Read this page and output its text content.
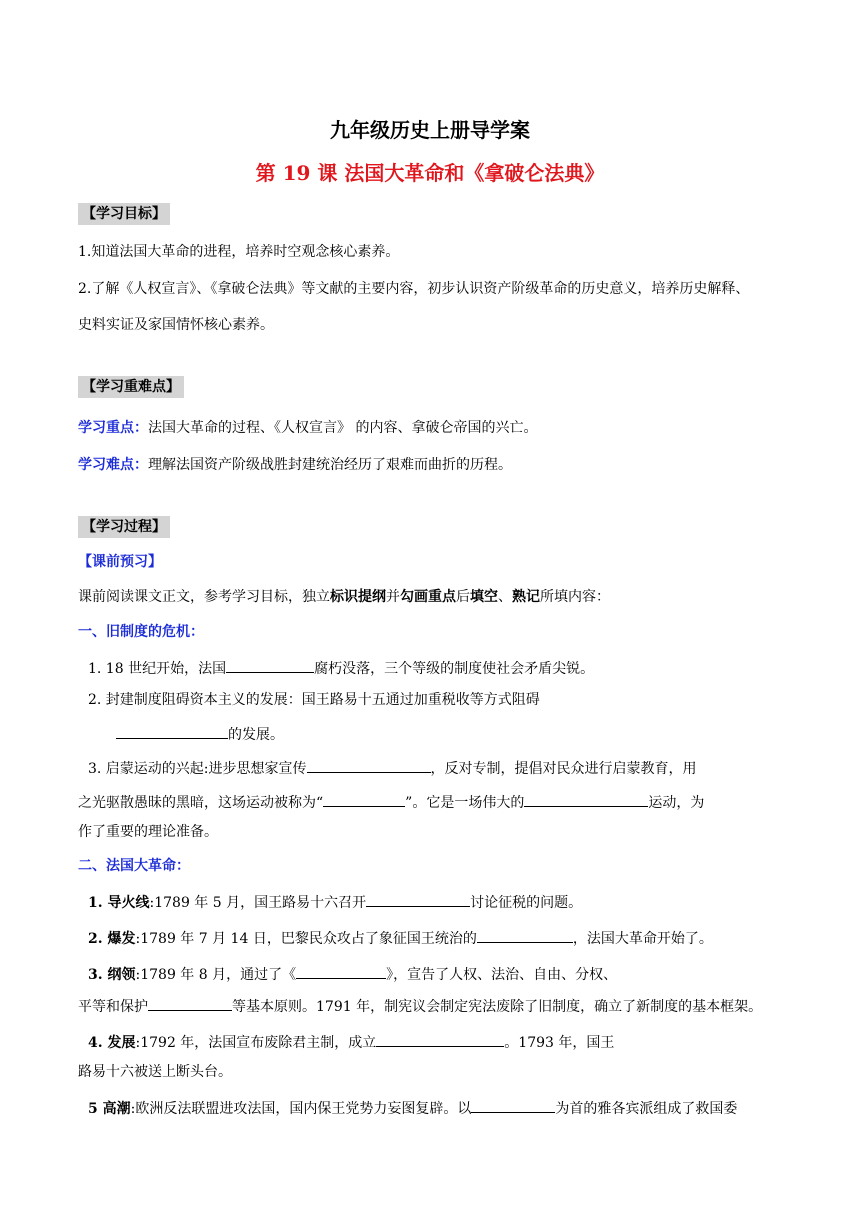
九年级历史上册导学案
第 19 课 法国大革命和《拿破仑法典》
【学习目标】
1.知道法国大革命的进程，培养时空观念核心素养。
2.了解《人权宣言》、《拿破仑法典》等文献的主要内容，初步认识资产阶级革命的历史意义，培养历史解释、
史料实证及家国情怀核心素养。
【学习重难点】
学习重点：法国大革命的过程、《人权宣言》 的内容、拿破仑帝国的兴亡。
学习难点：理解法国资产阶级战胜封建统治经历了艰难而曲折的历程。
【学习过程】
【课前预习】
课前阅读课文正文，参考学习目标，独立标识提纲并勾画重点后填空、熟记所填内容：
一、旧制度的危机：
1. 18 世纪开始，法国	腐朽没落，三个等级的制度使社会矛盾尖锐。
2. 封建制度阻碍资本主义的发展：国王路易十五通过加重税收等方式阻碍
的发展。
3. 启蒙运动的兴起:进步思想家宣传	，反对专制，提倡对民众进行启蒙教育，用
之光驱散愚昧的黑暗，这场运动被称为“	”。它是一场伟大的	运动，为
作了重要的理论准备。
二、法国大革命：
1. 导火线:1789 年 5 月，国王路易十六召开	讨论征税的问题。
2. 爆发:1789 年 7 月 14 日，巴黎民众攻占了象征国王统治的	，法国大革命开始了。
3. 纲领:1789 年 8 月，通过了《	》，宣告了人权、法治、自由、分权、
平等和保护	等基本原则。1791 年，制宪议会制定宪法废除了旧制度，确立了新制度的基本框架。
4. 发展:1792 年，法国宣布废除君主制，成立	。1793 年，国王
路易十六被送上断头台。
5 高潮:欧洲反法联盟进攻法国，国内保王党势力妄图复辟。以	为首的雅各宾派组成了救国委
